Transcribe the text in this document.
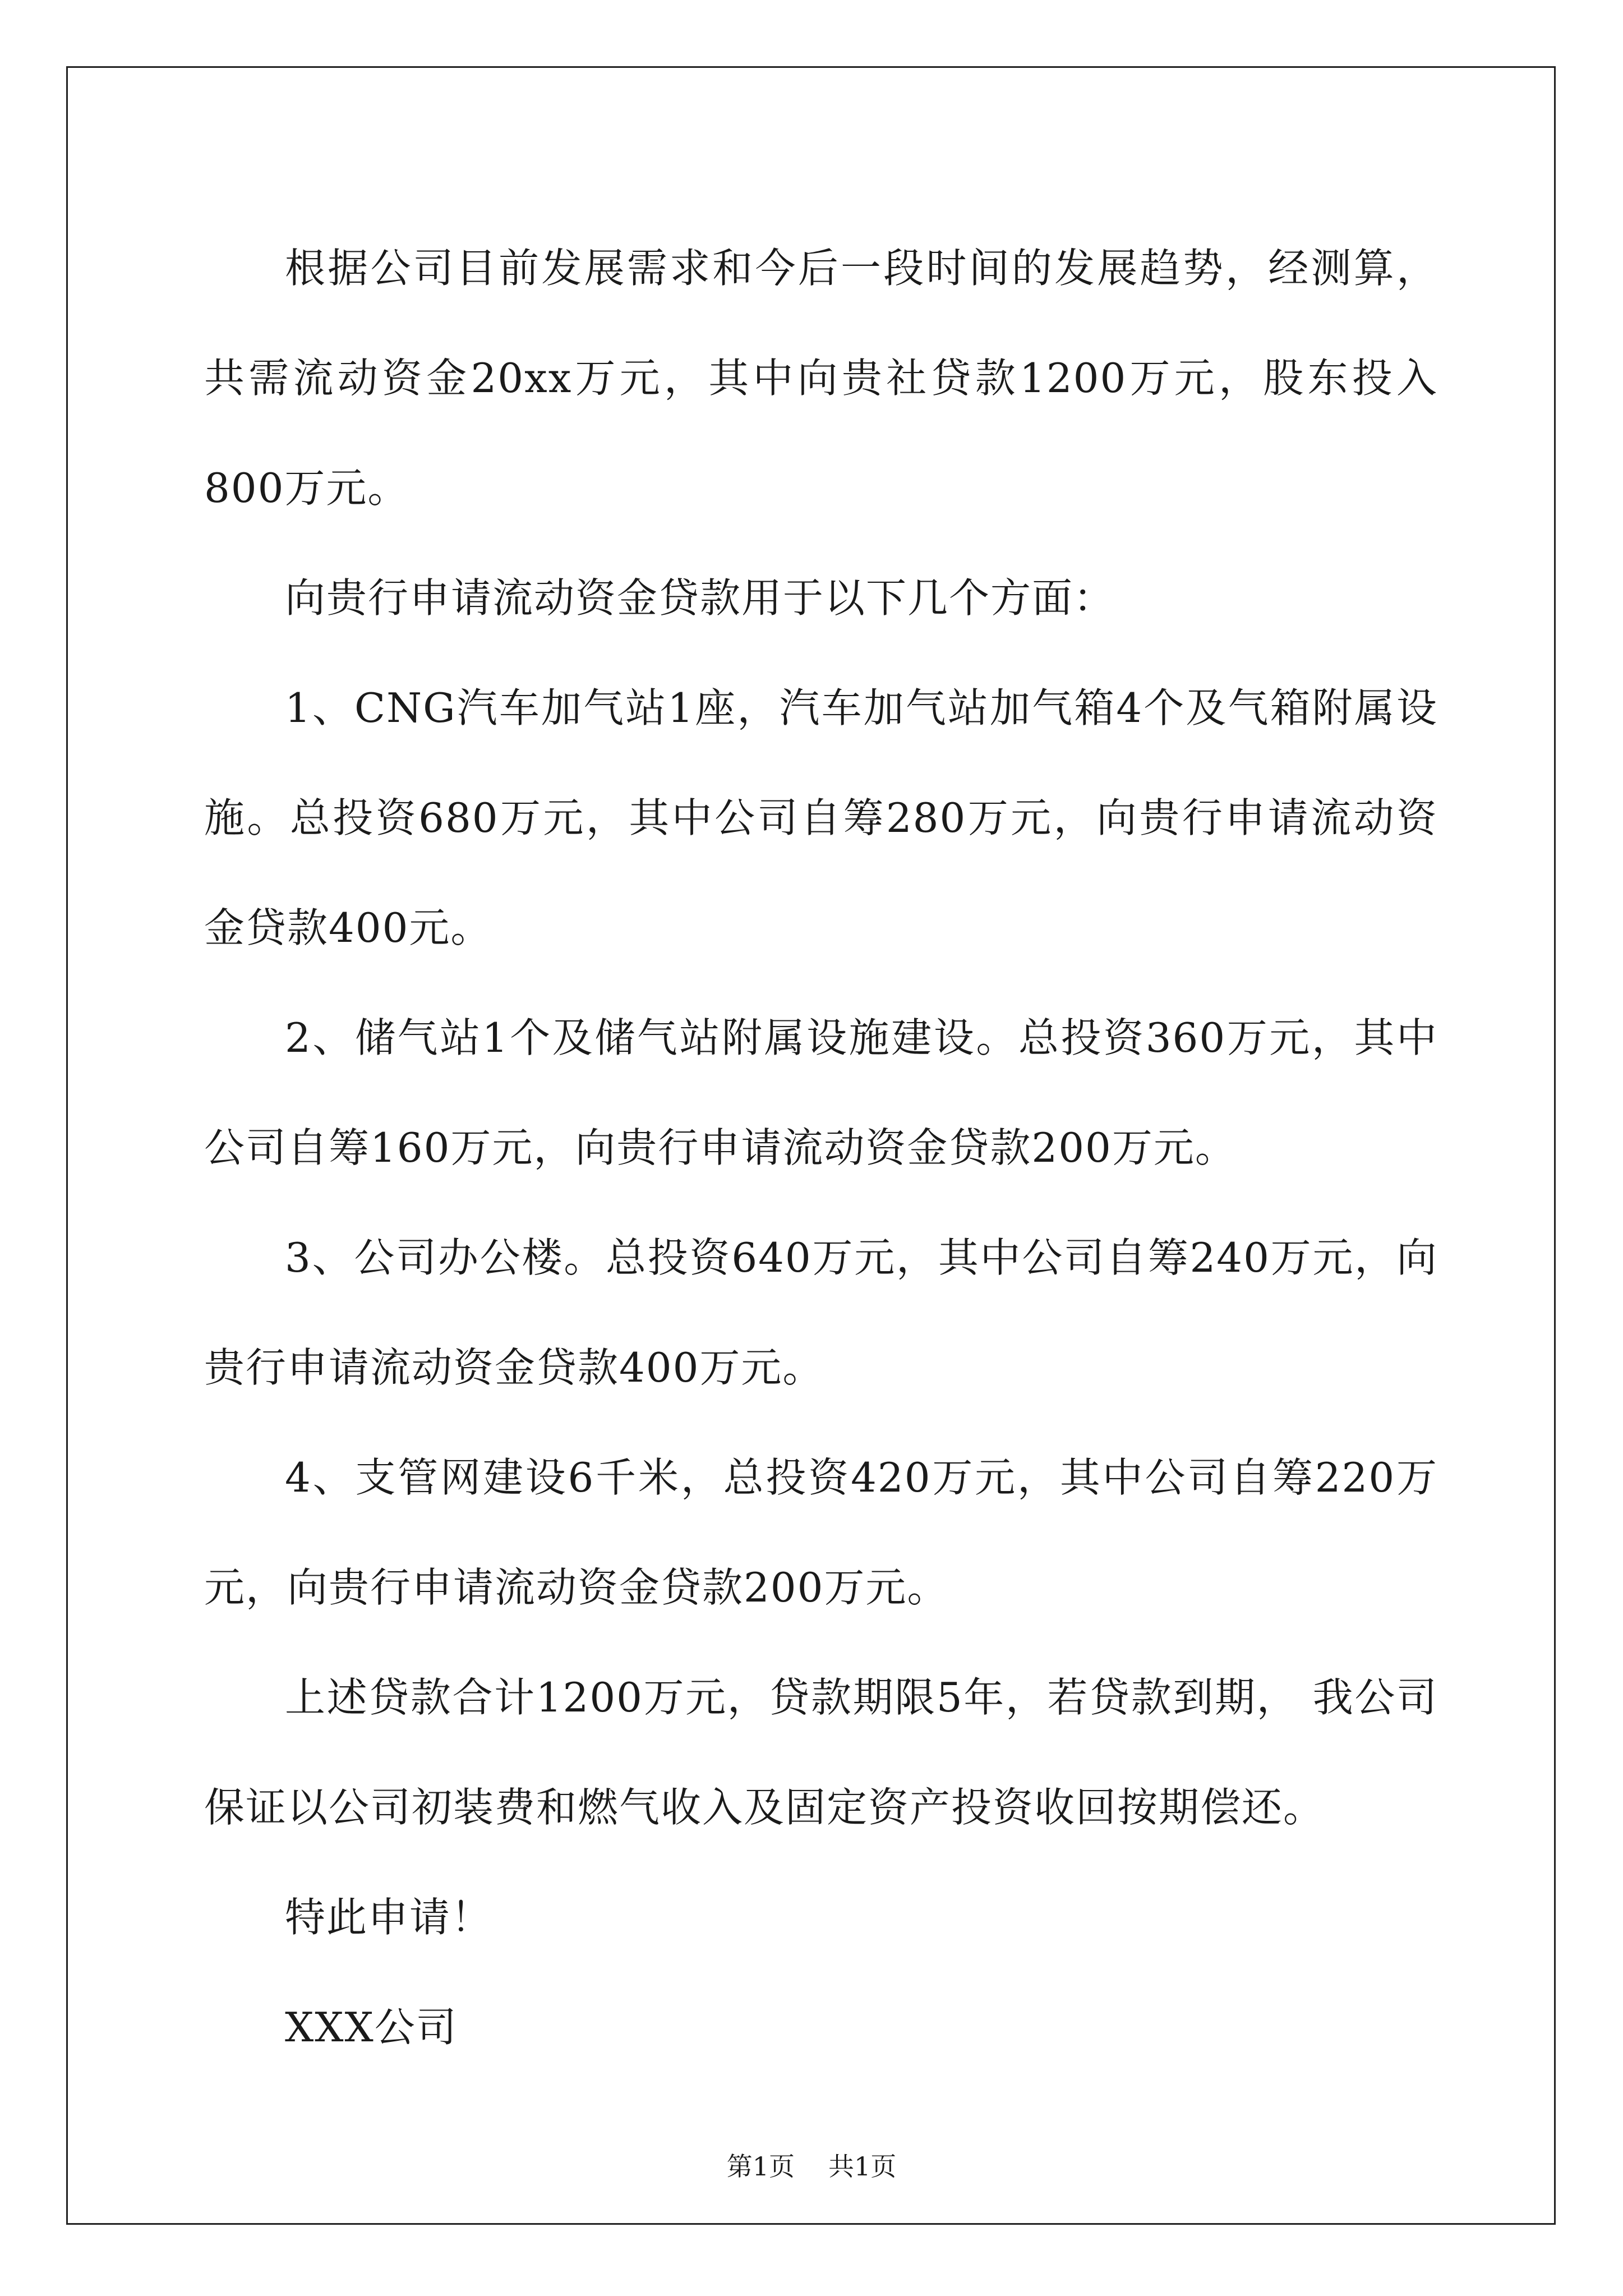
根据公司目前发展需求和今后一段时间的发展趋势，经测算，共需流动资金20xx万元，其中向贵社贷款1200万元，股东投入800万元。

向贵行申请流动资金贷款用于以下几个方面：

1、CNG汽车加气站1座，汽车加气站加气箱4个及气箱附属设施。总投资680万元，其中公司自筹280万元，向贵行申请流动资金贷款400元。

2、储气站1个及储气站附属设施建设。总投资360万元，其中公司自筹160万元，向贵行申请流动资金贷款200万元。

3、公司办公楼。总投资640万元，其中公司自筹240万元，向贵行申请流动资金贷款400万元。

4、支管网建设6千米，总投资420万元，其中公司自筹220万元，向贵行申请流动资金贷款200万元。

上述贷款合计1200万元，贷款期限5年，若贷款到期， 我公司保证以公司初装费和燃气收入及固定资产投资收回按期偿还。

特此申请！

XXX公司

第1页 共1页
